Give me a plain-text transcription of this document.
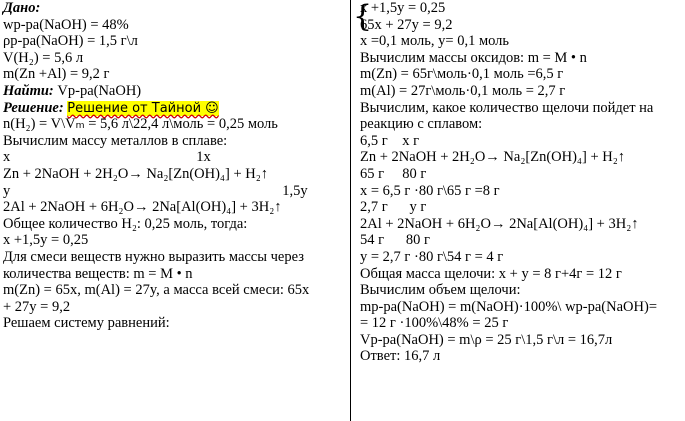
Дано:
wр-ра(NaOH) = 48%
ρр-ра(NaOH) = 1,5 г\л
V(H₂) = 5,6 л
m(Zn +Al) = 9,2 г
Найти: Vр-ра(NaOH)
Решение: Решение от Тайной ☺
n(H₂) = V\Vₘ = 5,6 л\22,4 л\моль = 0,25 моль
Вычислим массу металлов в сплаве:
x	1x
Zn + 2NaOH + 2H₂O→ Na₂[Zn(OH)₄] + H₂↑
y	1,5y
2Al + 2NaOH + 6H₂O→ 2Na[Al(OH)₄] + 3H₂↑
Общее количество H₂: 0,25 моль, тогда:
x +1,5y = 0,25
Для смеси веществ нужно выразить массы через
количества веществ: m = M • n
m(Zn) = 65x, m(Al) = 27y, а масса всей смеси: 65x
+ 27y = 9,2
Решаем систему равнений:
{
x +1,5y = 0,25
65x + 27y = 9,2
x =0,1 моль, y= 0,1 моль
Вычислим массы оксидов: m = M • n
m(Zn) = 65г\моль·0,1 моль =6,5 г
m(Al) = 27г\моль·0,1 моль = 2,7 г
Вычислим, какое количество щелочи пойдет на
реакцию с сплавом:
6,5 г    x г
Zn + 2NaOH + 2H₂O→ Na₂[Zn(OH)₄] + H₂↑
65 г     80 г
x = 6,5 г ·80 г\65 г =8 г
2,7 г      y г
2Al + 2NaOH + 6H₂O→ 2Na[Al(OH)₄] + 3H₂↑
54 г      80 г
y = 2,7 г ·80 г\54 г = 4 г
Общая масса щелочи: x + y = 8 г+4г = 12 г
Вычислим объем щелочи:
mр-ра(NaOH) = m(NaOH)·100%\ wр-ра(NaOH)=
= 12 г ·100%\48% = 25 г
Vр-ра(NaOH) = m\ρ = 25 г\1,5 г\л = 16,7л
Ответ: 16,7 л
